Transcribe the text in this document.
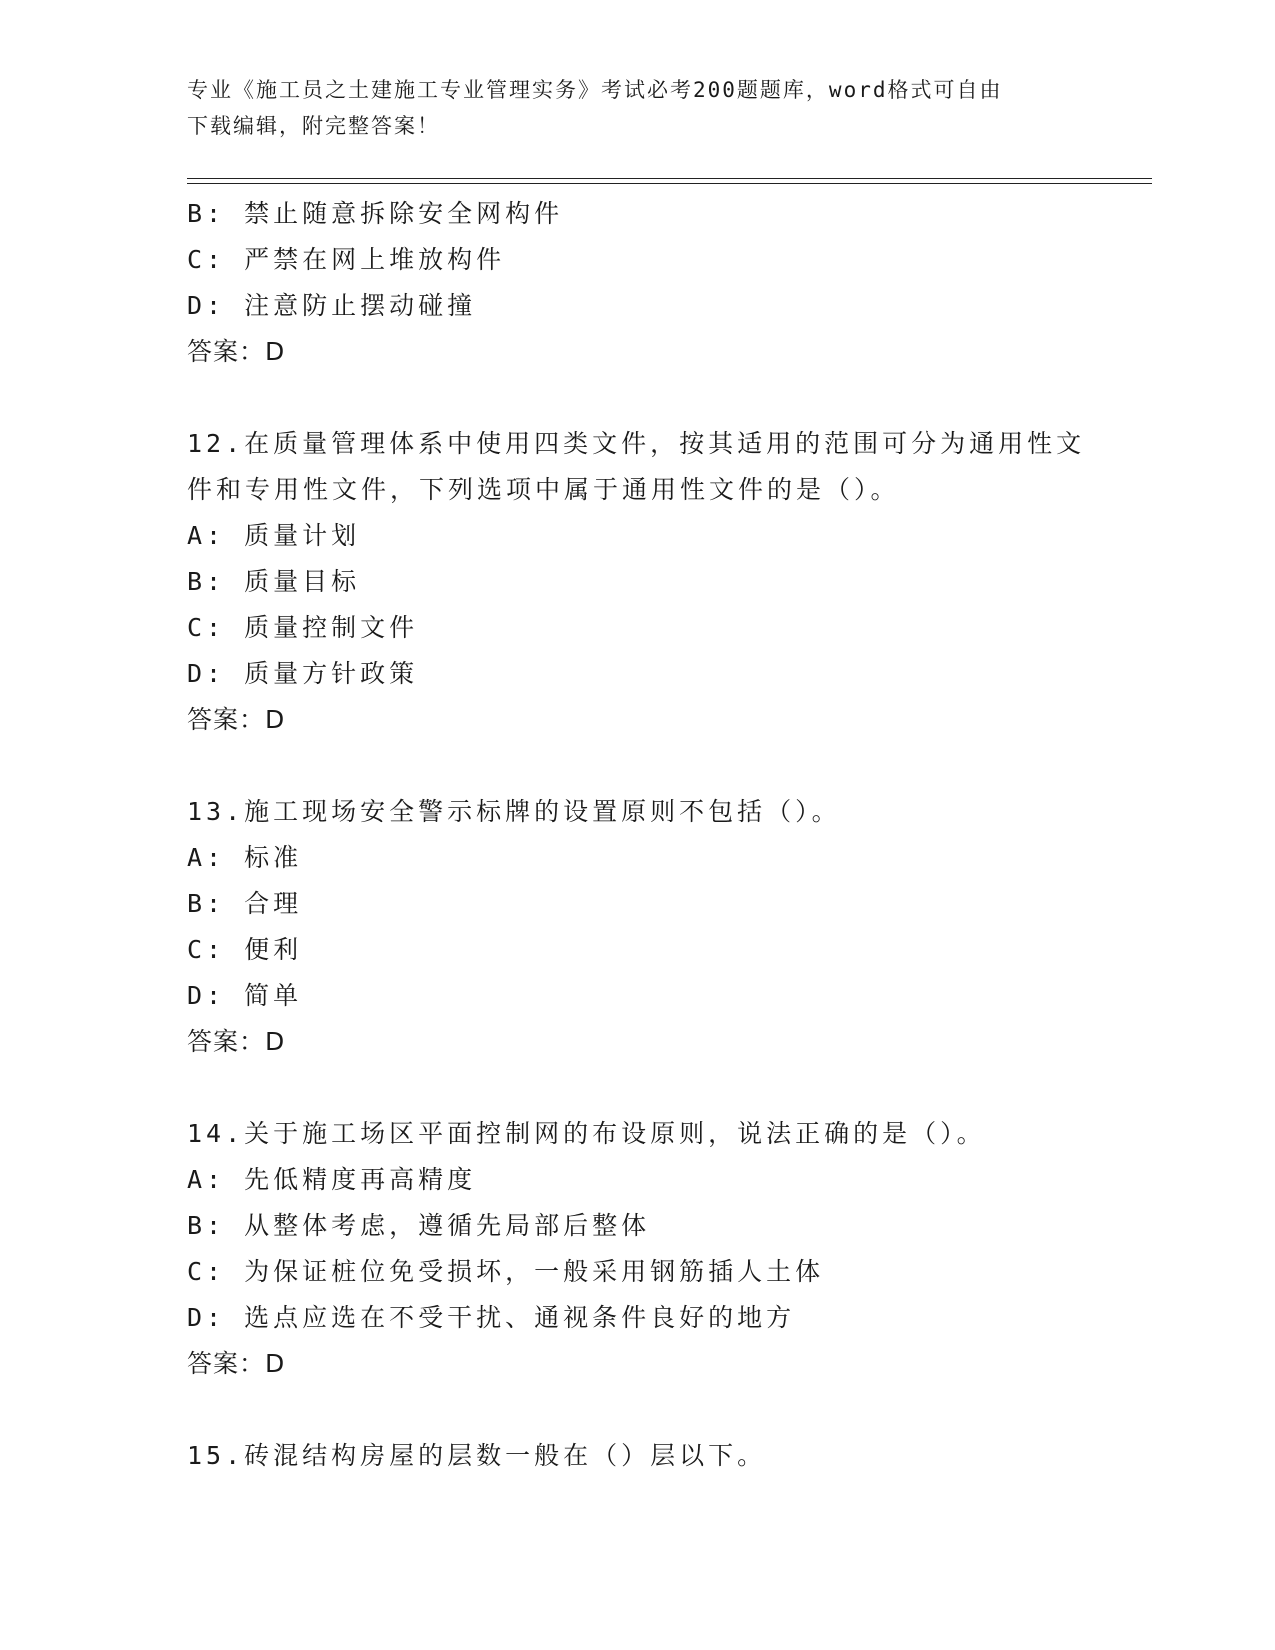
专业《施工员之土建施工专业管理实务》考试必考200题题库，word格式可自由
下载编辑，附完整答案！
B: 禁止随意拆除安全网构件
C: 严禁在网上堆放构件
D: 注意防止摆动碰撞
答案：D
12.在质量管理体系中使用四类文件，按其适用的范围可分为通用性文
件和专用性文件，下列选项中属于通用性文件的是（）。
A: 质量计划
B: 质量目标
C: 质量控制文件
D: 质量方针政策
答案：D
13.施工现场安全警示标牌的设置原则不包括（）。
A: 标准
B: 合理
C: 便利
D: 简单
答案：D
14.关于施工场区平面控制网的布设原则，说法正确的是（）。
A: 先低精度再高精度
B: 从整体考虑，遵循先局部后整体
C: 为保证桩位免受损坏，一般采用钢筋插人土体
D: 选点应选在不受干扰、通视条件良好的地方
答案：D
15.砖混结构房屋的层数一般在（）层以下。
